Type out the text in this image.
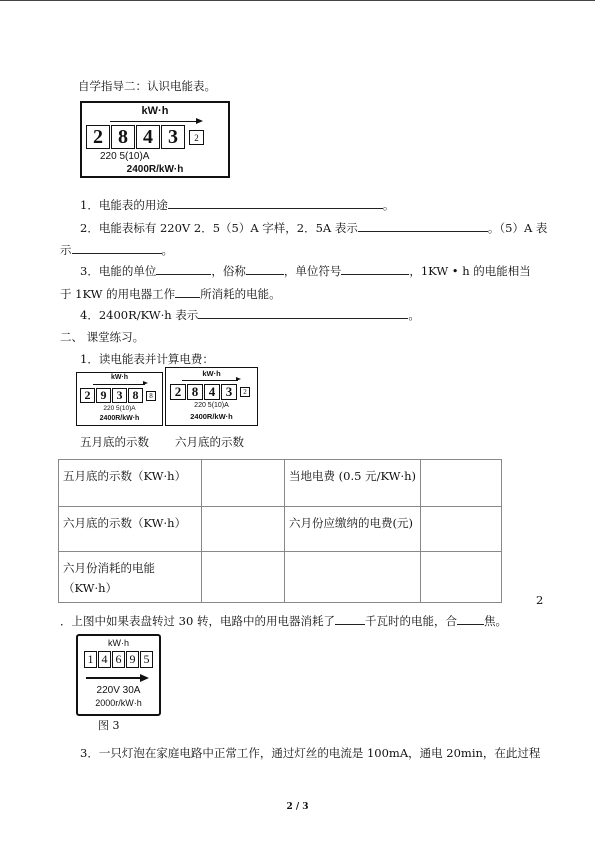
自学指导二：认识电能表。
kW·h
2 8 4 3	2
220 5(10)A
2400R/kW·h
1．电能表的用途	。
2．电能表标有 220V 2．5（5）A 字样，2．5A 表示	。（5）A 表
示	。
3．电能的单位	，俗称	，单位符号	，1KW • h 的电能相当
于 1KW 的用电器工作 所消耗的电能。
4．2400R/KW·h 表示	。
二、 课堂练习。
1．读电能表并计算电费：
kW·h
2 9 3 8	8
220 5(10)A
2400R/kW·h
kW·h
2 8 4 3	2
220 5(10)A
2400R/kW·h
五月底的示数 六月底的示数
五月底的示数（KW·h）		当地电费 (0.5 元/KW·h)	
六月底的示数（KW·h）		六月份应缴纳的电费(元)	
六月份消耗的电能（KW·h）			
2
．上图中如果表盘转过 30 转，电路中的用电器消耗了	千瓦时的电能，合 焦。
kW·h
1 4 6 9 5
220V 30A
2000r/kW·h
图 3
3．一只灯泡在家庭电路中正常工作，通过灯丝的电流是 100mA，通电 20min，在此过程
2 / 3
